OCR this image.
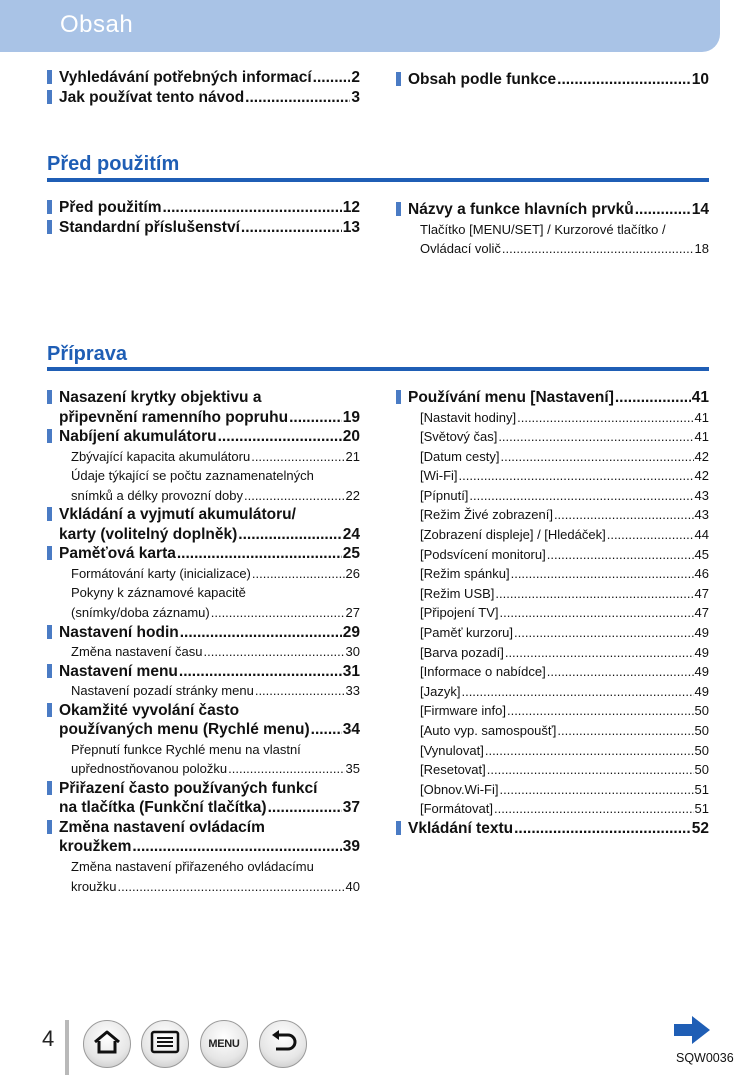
Obsah
Vyhledávání potřebných informací .....	2
Jak používat tento návod .....	3
Obsah podle funkce .....	10
Před použitím
Před použitím .....	12
Standardní příslušenství .....	13
Názvy a funkce hlavních prvků .....	14
Tlačítko [MENU/SET] / Kurzorové tlačítko /
Ovládací volič .....	18
Příprava
Nasazení krytky objektivu a
připevnění ramenního popruhu .....	19
Nabíjení akumulátoru .....	20
Zbývající kapacita akumulátoru .....	21
Údaje týkající se počtu zaznamenatelných
snímků a délky provozní doby .....	22
Vkládání a vyjmutí akumulátoru/
karty (volitelný doplněk) .....	24
Paměťová karta .....	25
Formátování karty (inicializace) .....	26
Pokyny k záznamové kapacitě
(snímky/doba záznamu) .....	27
Nastavení hodin .....	29
Změna nastavení času .....	30
Nastavení menu .....	31
Nastavení pozadí stránky menu .....	33
Okamžité vyvolání často
používaných menu (Rychlé menu) ..... 34
Přepnutí funkce Rychlé menu na vlastní
upřednostňovanou položku .....	35
Přiřazení často používaných funkcí
na tlačítka (Funkční tlačítka) .....	37
Změna nastavení ovládacím
kroužkem .....	39
Změna nastavení přiřazeného ovládacímu
kroužku .....	40
Používání menu [Nastavení] .....	41
[Nastavit hodiny] .....	41
[Světový čas] .....	41
[Datum cesty] .....	42
[Wi-Fi] .....	42
[Pípnutí] .....	43
[Režim Živé zobrazení] .....	43
[Zobrazení displeje] / [Hledáček] .....	44
[Podsvícení monitoru] .....	45
[Režim spánku] .....	46
[Režim USB] .....	47
[Připojení TV] .....	47
[Paměť kurzoru] .....	49
[Barva pozadí] .....	49
[Informace o nabídce] .....	49
[Jazyk] .....	49
[Firmware info] .....	50
[Auto vyp. samospoušť] .....	50
[Vynulovat] .....	50
[Resetovat] .....	50
[Obnov.Wi-Fi] .....	51
[Formátovat] .....	51
Vkládání textu .....	52
4	MENU
SQW0036
